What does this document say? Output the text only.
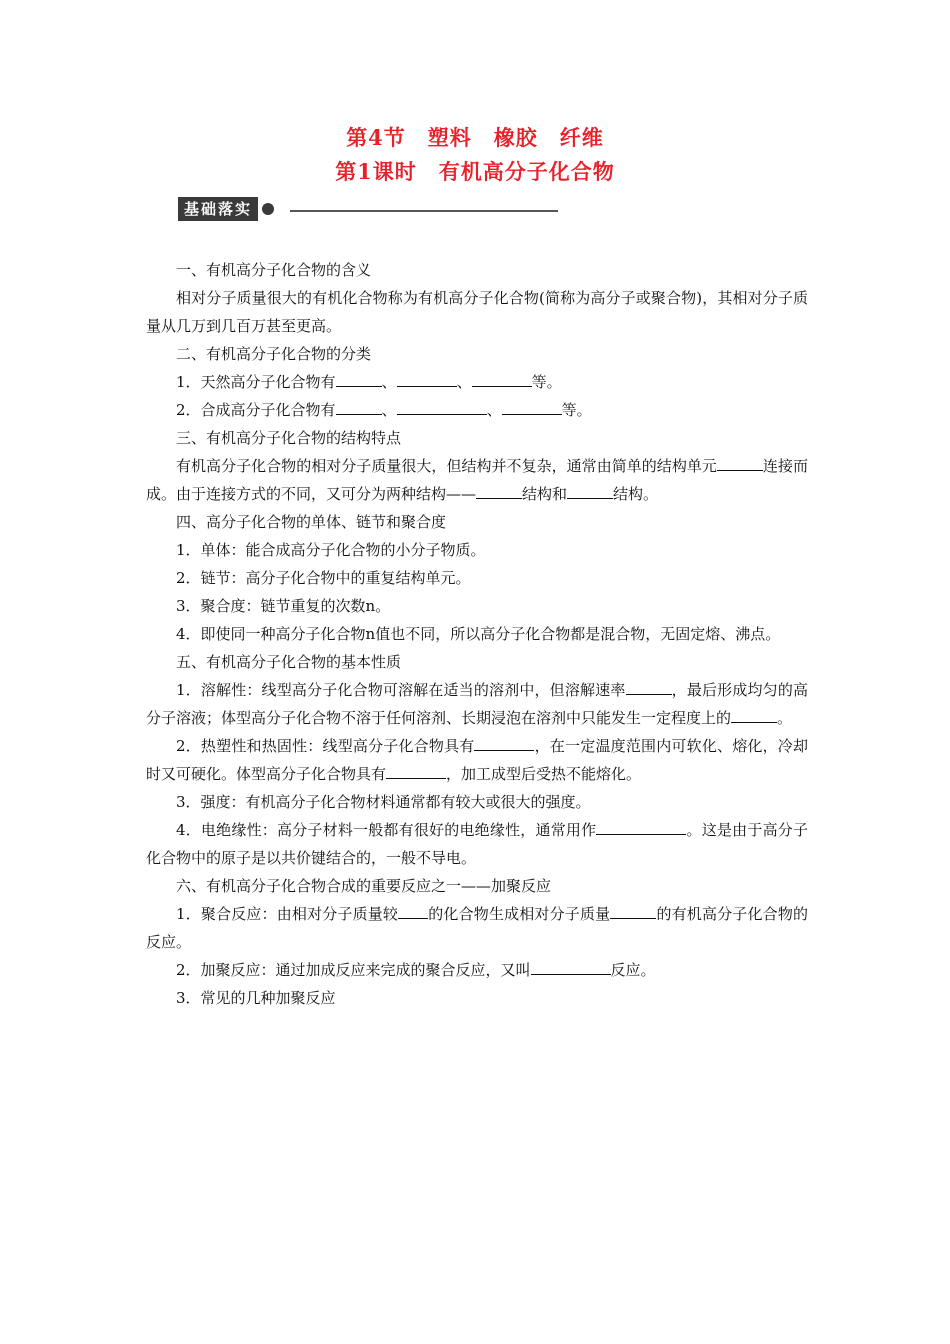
第4节　塑料　橡胶　纤维
第1课时　有机高分子化合物
基础落实

一、有机高分子化合物的含义

相对分子质量很大的有机化合物称为有机高分子化合物(简称为高分子或聚合物)，其相对分子质量从几万到几百万甚至更高。

二、有机高分子化合物的分类

1．天然高分子化合物有	、	、	等。

2．合成高分子化合物有	、	、	等。

三、有机高分子化合物的结构特点

有机高分子化合物的相对分子质量很大，但结构并不复杂，通常由简单的结构单元	连接而成。由于连接方式的不同，又可分为两种结构——	结构和	结构。

四、高分子化合物的单体、链节和聚合度

1．单体：能合成高分子化合物的小分子物质。

2．链节：高分子化合物中的重复结构单元。

3．聚合度：链节重复的次数n。

4．即使同一种高分子化合物n值也不同，所以高分子化合物都是混合物，无固定熔、沸点。

五、有机高分子化合物的基本性质

1．溶解性：线型高分子化合物可溶解在适当的溶剂中，但溶解速率	，最后形成均匀的高分子溶液；体型高分子化合物不溶于任何溶剂、长期浸泡在溶剂中只能发生一定程度上的	。

2．热塑性和热固性：线型高分子化合物具有	，在一定温度范围内可软化、熔化，冷却时又可硬化。体型高分子化合物具有	，加工成型后受热不能熔化。

3．强度：有机高分子化合物材料通常都有较大或很大的强度。

4．电绝缘性：高分子材料一般都有很好的电绝缘性，通常用作	。这是由于高分子化合物中的原子是以共价键结合的，一般不导电。

六、有机高分子化合物合成的重要反应之一——加聚反应

1．聚合反应：由相对分子质量较 的化合物生成相对分子质量	的有机高分子化合物的反应。

2．加聚反应：通过加成反应来完成的聚合反应，又叫	反应。

3．常见的几种加聚反应
